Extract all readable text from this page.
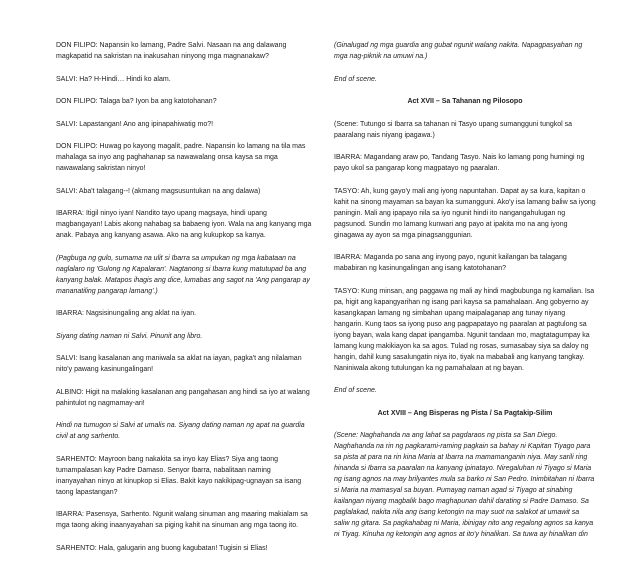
DON FILIPO: Napansin ko lamang, Padre Salvi. Nasaan na ang dalawang magkapatid na sakristan na inakusahan ninyong mga magnanakaw?

SALVI: Ha? H-Hindi… Hindi ko alam.

DON FILIPO: Talaga ba? Iyon ba ang katotohanan?

SALVI: Lapastangan! Ano ang ipinapahiwatig mo?!

DON FILIPO: Huwag po kayong magalit, padre. Napansin ko lamang na tila mas mahalaga sa inyo ang paghahanap sa nawawalang onsa kaysa sa mga nawawalang sakristan ninyo!

SALVI: Aba't talagang--! (akmang magsusuntukan na ang dalawa)

IBARRA: Itigil ninyo iyan! Nandito tayo upang magsaya, hindi upang magbangayan! Labis akong nahabag sa babaeng iyon. Wala na ang kanyang mga anak. Pabaya ang kanyang asawa. Ako na ang kukupkop sa kanya.

(Pagbuga ng gulo, sumama na ulit si Ibarra sa umpukan ng mga kabataan na naglalaro ng 'Gulong ng Kapalaran'. Nagtanong si Ibarra kung matutupad ba ang kanyang balak. Matapos ihagis ang dice, lumabas ang sagot na 'Ang pangarap ay mananatiling pangarap lamang'.)

IBARRA: Nagsisinungaling ang aklat na iyan.

Siyang dating naman ni Salvi. Pinunit ang libro.

SALVI: Isang kasalanan ang maniwala sa aklat na iayan, pagka't ang nilalaman nito'y pawang kasinungalingan!

ALBINO: Higit na malaking kasalanan ang pangahasan ang hindi sa iyo at walang pahintulot ng nagmamay-ari!

Hindi na tumugon si Salvi at umalis na. Siyang dating naman ng apat na guardia civil at ang sarhento.

SARHENTO: Mayroon bang nakakita sa inyo kay Elias? Siya ang taong tumampalasan kay Padre Damaso. Senyor Ibarra, nabalitaan naming inanyayahan ninyo at kinupkop si Elias. Bakit kayo nakikipag-ugnayan sa isang taong lapastangan?

IBARRA: Pasensya, Sarhento. Ngunit walang sinuman ang maaring makialam sa mga taong aking inaanyayahan sa piging kahit na sinuman ang mga taong ito.

SARHENTO: Hala, galugarin ang buong kagubatan! Tugisin si Elias!

(Ginalugad ng mga guardia ang gubat ngunit walang nakita. Napagpasyahan ng mga nag-piknik na umuwi na.)

End of scene.

Act XVII – Sa Tahanan ng Pilosopo

(Scene: Tutungo si Ibarra sa tahanan ni Tasyo upang sumangguni tungkol sa paaralang nais niyang ipagawa.)

IBARRA: Magandang araw po, Tandang Tasyo. Nais ko lamang pong humingi ng payo ukol sa pangarap kong magpatayo ng paaralan.

TASYO: Ah, kung gayo'y mali ang iyong napuntahan. Dapat ay sa kura, kapitan o kahit na sinong mayaman sa bayan ka sumangguni. Ako'y isa lamang baliw sa iyong paningin. Mali ang ipapayo nila sa iyo ngunit hindi ito nangangahulugan ng pagsunod. Sundin mo lamang kunwari ang payo at ipakita mo na ang iyong ginagawa ay ayon sa mga pinagsanggunian.

IBARRA: Maganda po sana ang inyong payo, ngunit kailangan ba talagang mababiran ng kasinungalingan ang isang katotohanan?

TASYO: Kung minsan, ang paggawa ng mali ay hindi magbubunga ng kamalian. Isa pa, higit ang kapangyarihan ng isang pari kaysa sa pamahalaan. Ang gobyerno ay kasangkapan lamang ng simbahan upang maipalaganap ang tunay niyang hangarin. Kung taos sa iyong puso ang pagpapatayo ng paaralan at pagtulong sa iyong bayan, wala kang dapat ipangamba. Ngunit tandaan mo, magtatagumpay ka lamang kung makikiayon ka sa agos. Tulad ng rosas, sumasabay siya sa daloy ng hangin, dahil kung sasalungatin niya ito, tiyak na mababali ang kanyang tangkay. Naniniwala akong tutulungan ka ng pamahalaan at ng bayan.

End of scene.

Act XVIII – Ang Bisperas ng Pista / Sa Pagtakip-Silim

(Scene: Naghahanda na ang lahat sa pagdaraos ng pista sa San Diego. Naghahanda na rin ng pagkarami-raming pagkain sa bahay ni Kapitan Tiyago para sa pista at para na rin kina Maria at Ibarra na mamamanganin niya. May sarili ring hinanda si Ibarra sa paaralan na kanyang ipinatayo. Niregaluhan ni Tiyago si Maria ng isang agnos na may brilyantes mula sa barko ni San Pedro. Inimbitahan ni Ibarra si Maria na mamasyal sa buyan. Pumayag naman agad si Tiyago at sinabing kailangan niyang magbalik bago maghapunan dahil darating si Padre Damaso. Sa paglalakad, nakita nila ang isang ketongin na may suot na salakot at umawit sa saliw ng gitara. Sa pagkahabag ni Maria, ibinigay nito ang regalong agnos sa kanya ni Tiyag. Kinuha ng ketongin ang agnos at ito'y hinalikan. Sa tuwa ay hinalikan din
